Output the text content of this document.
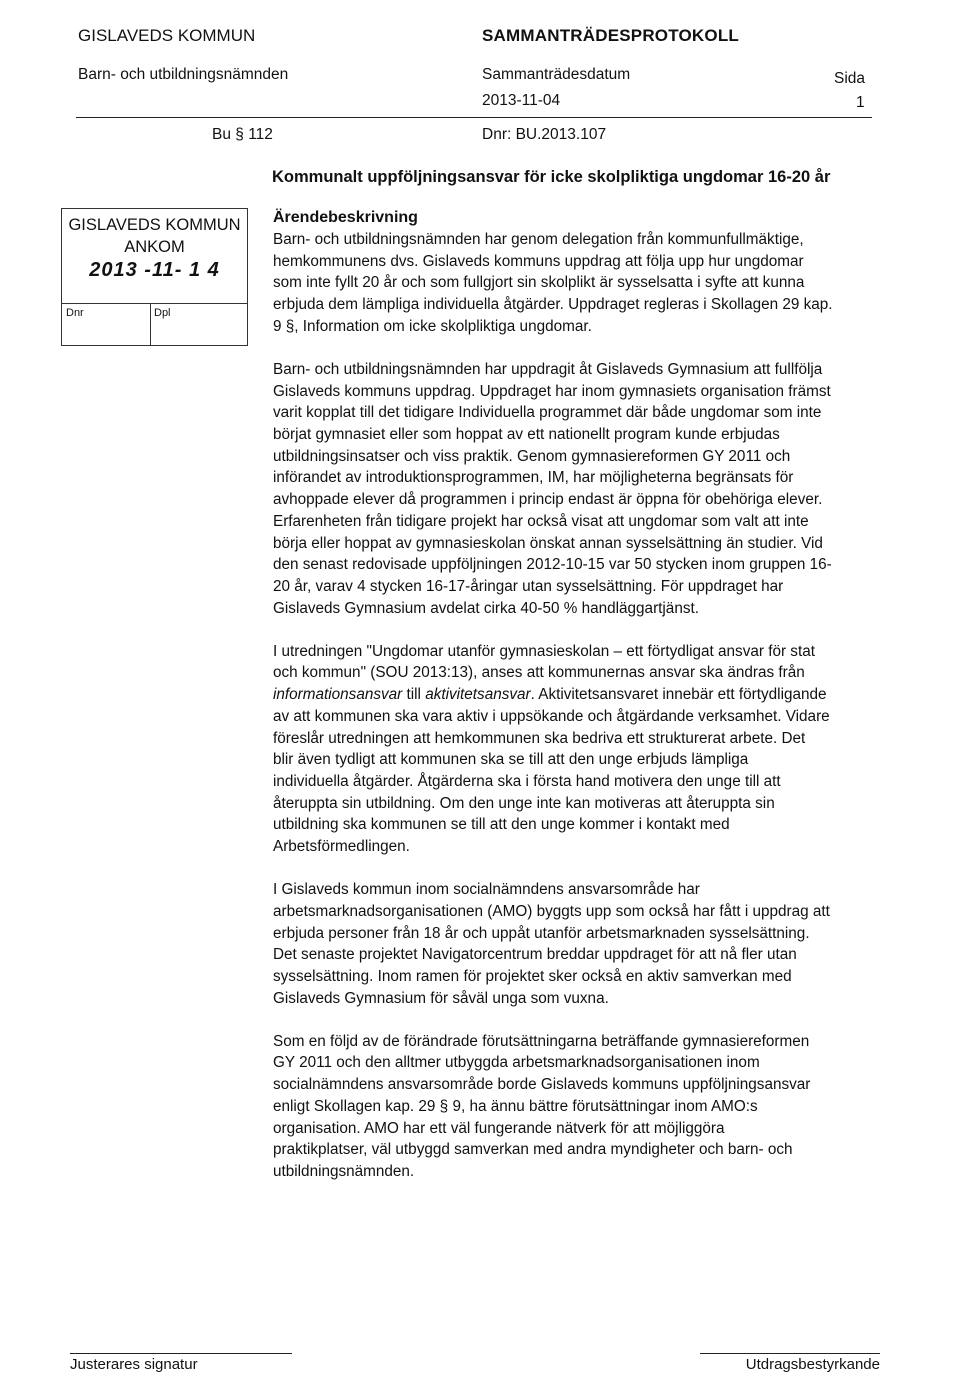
GISLAVEDS KOMMUN	SAMMANTRÄDESPROTOKOLL
Barn- och utbildningsnämnden	Sammanträdesdatum	Sida
2013-11-04	1
Bu § 112	Dnr: BU.2013.107
Kommunalt uppföljningsansvar för icke skolpliktiga ungdomar 16-20 år
GISLAVEDS KOMMUN
ANKOM
2013 -11- 1 4
Dnr	Dpl
Ärendebeskrivning
Barn- och utbildningsnämnden har genom delegation från kommunfullmäktige,
hemkommunens dvs. Gislaveds kommuns uppdrag att följa upp hur ungdomar
som inte fyllt 20 år och som fullgjort sin skolplikt är sysselsatta i syfte att kunna
erbjuda dem lämpliga individuella åtgärder. Uppdraget regleras i Skollagen 29 kap.
9 §, Information om icke skolpliktiga ungdomar.
Barn- och utbildningsnämnden har uppdragit åt Gislaveds Gymnasium att fullfölja
Gislaveds kommuns uppdrag. Uppdraget har inom gymnasiets organisation främst
varit kopplat till det tidigare Individuella programmet där både ungdomar som inte
börjat gymnasiet eller som hoppat av ett nationellt program kunde erbjudas
utbildningsinsatser och viss praktik. Genom gymnasiereformen GY 2011 och
införandet av introduktionsprogrammen, IM, har möjligheterna begränsats för
avhoppade elever då programmen i princip endast är öppna för obehöriga elever.
Erfarenheten från tidigare projekt har också visat att ungdomar som valt att inte
börja eller hoppat av gymnasieskolan önskat annan sysselsättning än studier. Vid
den senast redovisade uppföljningen 2012-10-15 var 50 stycken inom gruppen 16-
20 år, varav 4 stycken 16-17-åringar utan sysselsättning. För uppdraget har
Gislaveds Gymnasium avdelat cirka 40-50 % handläggartjänst.
I utredningen "Ungdomar utanför gymnasieskolan – ett förtydligat ansvar för stat
och kommun" (SOU 2013:13), anses att kommunernas ansvar ska ändras från
informationsansvar till aktivitetsansvar. Aktivitetsansvaret innebär ett förtydligande
av att kommunen ska vara aktiv i uppsökande och åtgärdande verksamhet. Vidare
föreslår utredningen att hemkommunen ska bedriva ett strukturerat arbete. Det
blir även tydligt att kommunen ska se till att den unge erbjuds lämpliga
individuella åtgärder. Åtgärderna ska i första hand motivera den unge till att
återuppta sin utbildning. Om den unge inte kan motiveras att återuppta sin
utbildning ska kommunen se till att den unge kommer i kontakt med
Arbetsförmedlingen.
I Gislaveds kommun inom socialnämndens ansvarsområde har
arbetsmarknadsorganisationen (AMO) byggts upp som också har fått i uppdrag att
erbjuda personer från 18 år och uppåt utanför arbetsmarknaden sysselsättning.
Det senaste projektet Navigatorcentrum breddar uppdraget för att nå fler utan
sysselsättning. Inom ramen för projektet sker också en aktiv samverkan med
Gislaveds Gymnasium för såväl unga som vuxna.
Som en följd av de förändrade förutsättningarna beträffande gymnasiereformen
GY 2011 och den alltmer utbyggda arbetsmarknadsorganisationen inom
socialnämndens ansvarsområde borde Gislaveds kommuns uppföljningsansvar
enligt Skollagen kap. 29 § 9, ha ännu bättre förutsättningar inom AMO:s
organisation. AMO har ett väl fungerande nätverk för att möjliggöra
praktikplatser, väl utbyggd samverkan med andra myndigheter och barn- och
utbildningsnämnden.
Justerares signatur	Utdragsbestyrkande
